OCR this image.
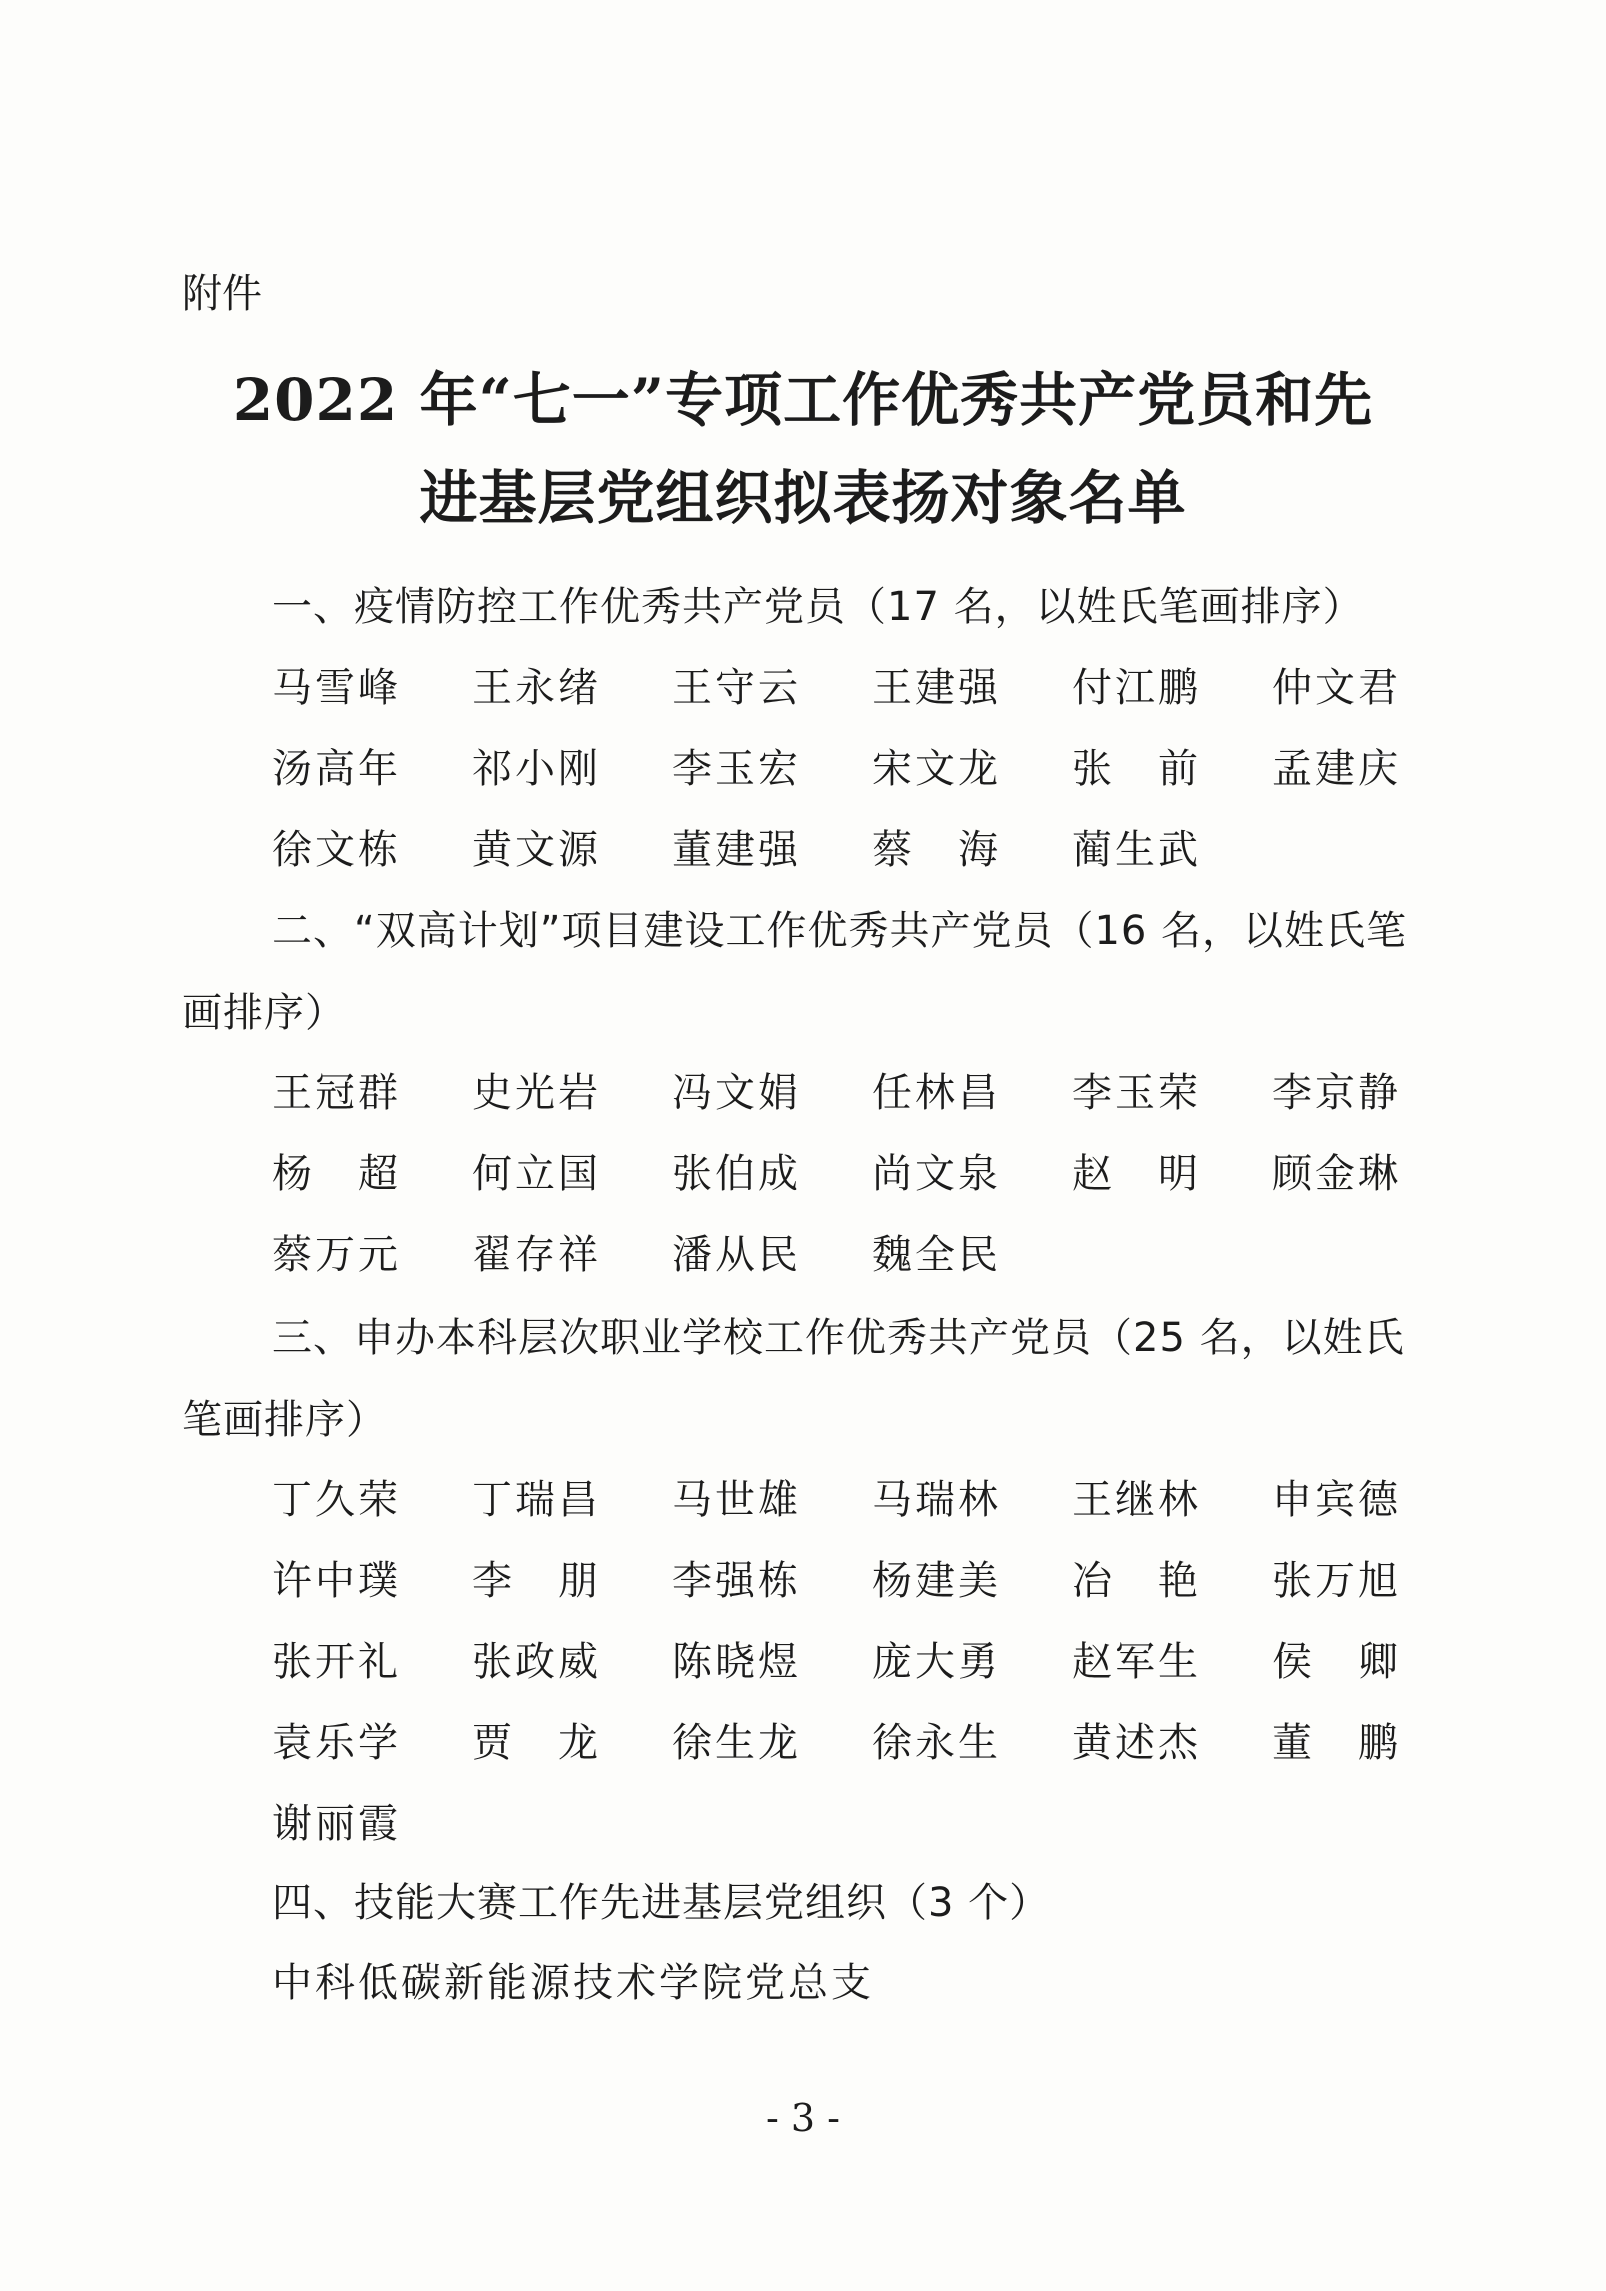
附件
2022 年“七一”专项工作优秀共产党员和先
进基层党组织拟表扬对象名单
一、疫情防控工作优秀共产党员（17 名，以姓氏笔画排序）
马雪峰	王永绪	王守云	王建强	付江鹏	仲文君
汤高年	祁小刚	李玉宏	宋文龙	张　前	孟建庆
徐文栋	黄文源	董建强	蔡　海	蔺生武
二、“双高计划”项目建设工作优秀共产党员（16 名，以姓氏笔画排序）
王冠群	史光岩	冯文娟	任林昌	李玉荣	李京静
杨　超	何立国	张伯成	尚文泉	赵　明	顾金琳
蔡万元	翟存祥	潘从民	魏全民
三、申办本科层次职业学校工作优秀共产党员（25 名，以姓氏笔画排序）
丁久荣	丁瑞昌	马世雄	马瑞林	王继林	申宾德
许中璞	李　朋	李强栋	杨建美	冶　艳	张万旭
张开礼	张政威	陈晓煜	庞大勇	赵军生	侯　卿
袁乐学	贾　龙	徐生龙	徐永生	黄述杰	董　鹏
谢丽霞
四、技能大赛工作先进基层党组织（3 个）
中科低碳新能源技术学院党总支
- 3 -
